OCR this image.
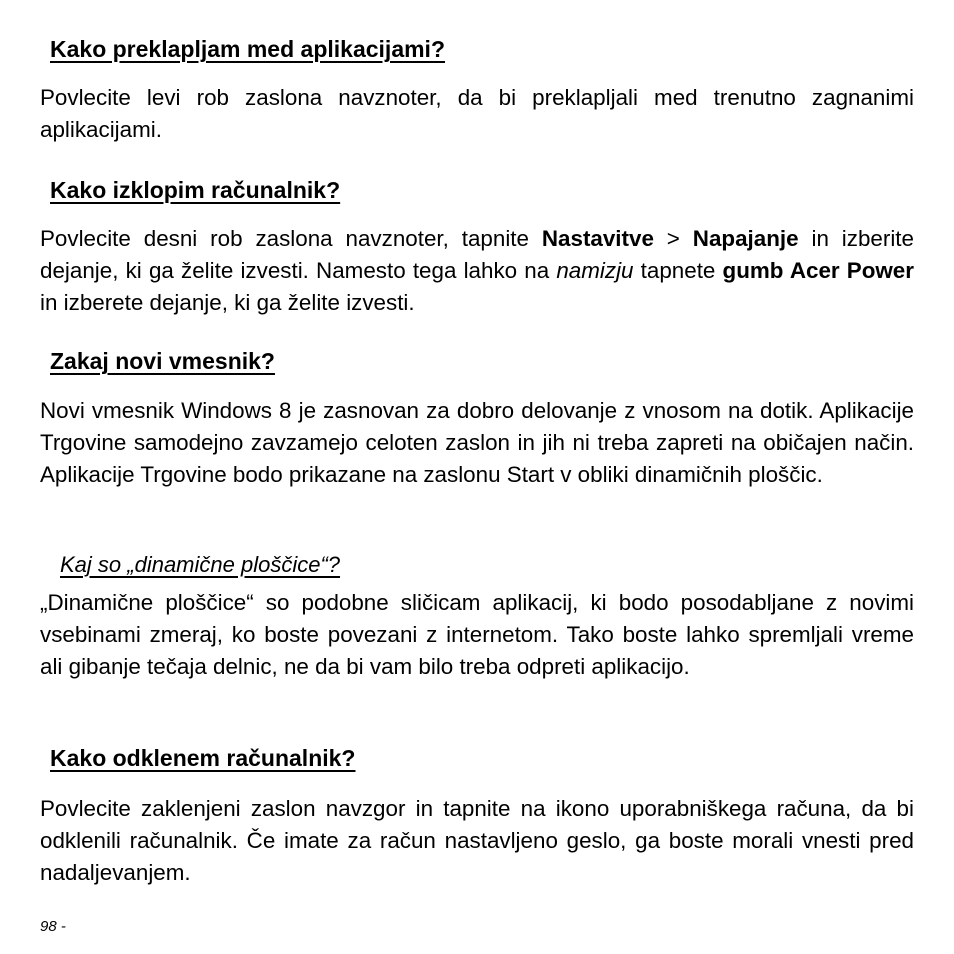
Kako preklapljam med aplikacijami?

Povlecite levi rob zaslona navznoter, da bi preklapljali med trenutno zagnanimi aplikacijami.

Kako izklopim računalnik?

Povlecite desni rob zaslona navznoter, tapnite Nastavitve > Napajanje in izberite dejanje, ki ga želite izvesti. Namesto tega lahko na namizju tapnete gumb Acer Power in izberete dejanje, ki ga želite izvesti.

Zakaj novi vmesnik?

Novi vmesnik Windows 8 je zasnovan za dobro delovanje z vnosom na dotik. Aplikacije Trgovine samodejno zavzamejo celoten zaslon in jih ni treba zapreti na običajen način. Aplikacije Trgovine bodo prikazane na zaslonu Start v obliki dinamičnih ploščic.

Kaj so „dinamične ploščice“?

„Dinamične ploščice“ so podobne sličicam aplikacij, ki bodo posodabljane z novimi vsebinami zmeraj, ko boste povezani z internetom. Tako boste lahko spremljali vreme ali gibanje tečaja delnic, ne da bi vam bilo treba odpreti aplikacijo.

Kako odklenem računalnik?

Povlecite zaklenjeni zaslon navzgor in tapnite na ikono uporabniškega računa, da bi odklenili računalnik. Če imate za račun nastavljeno geslo, ga boste morali vnesti pred nadaljevanjem.

98 -
